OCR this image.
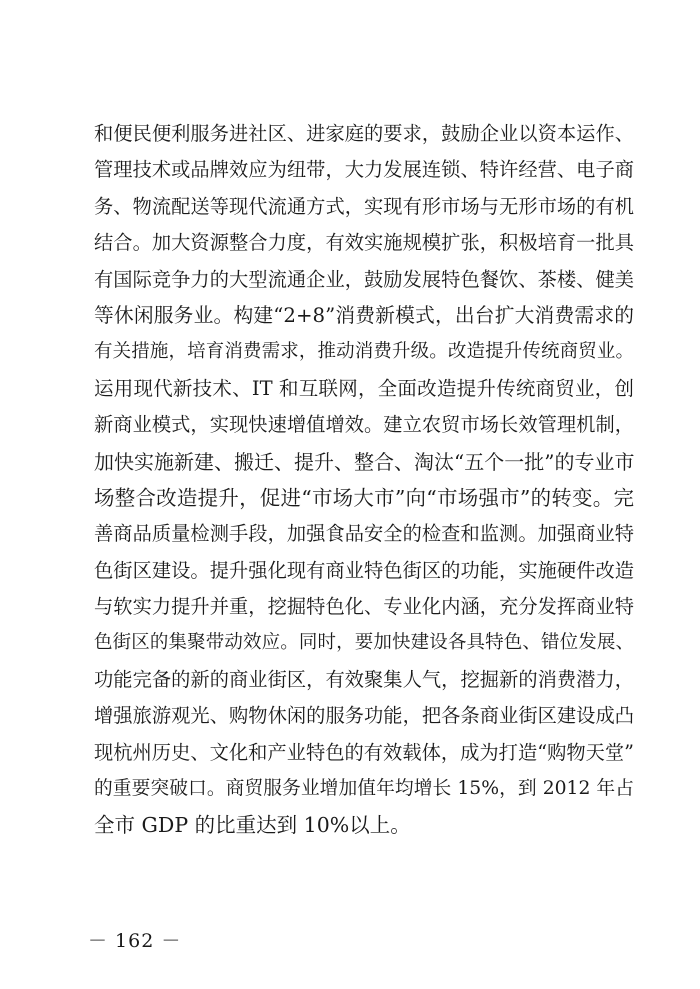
和便民便利服务进社区、进家庭的要求，鼓励企业以资本运作、
管理技术或品牌效应为纽带，大力发展连锁、特许经营、电子商
务、物流配送等现代流通方式，实现有形市场与无形市场的有机
结合。加大资源整合力度，有效实施规模扩张，积极培育一批具
有国际竞争力的大型流通企业，鼓励发展特色餐饮、茶楼、健美
等休闲服务业。构建“2+8”消费新模式，出台扩大消费需求的
有关措施，培育消费需求，推动消费升级。改造提升传统商贸业。
运用现代新技术、IT 和互联网，全面改造提升传统商贸业，创
新商业模式，实现快速增值增效。建立农贸市场长效管理机制，
加快实施新建、搬迁、提升、整合、淘汰“五个一批”的专业市
场整合改造提升，促进“市场大市”向“市场强市”的转变。完
善商品质量检测手段，加强食品安全的检查和监测。加强商业特
色街区建设。提升强化现有商业特色街区的功能，实施硬件改造
与软实力提升并重，挖掘特色化、专业化内涵，充分发挥商业特
色街区的集聚带动效应。同时，要加快建设各具特色、错位发展、
功能完备的新的商业街区，有效聚集人气，挖掘新的消费潜力，
增强旅游观光、购物休闲的服务功能，把各条商业街区建设成凸
现杭州历史、文化和产业特色的有效载体，成为打造“购物天堂”
的重要突破口。商贸服务业增加值年均增长 15%，到 2012 年占
全市 GDP 的比重达到 10%以上。
－ 162 －
